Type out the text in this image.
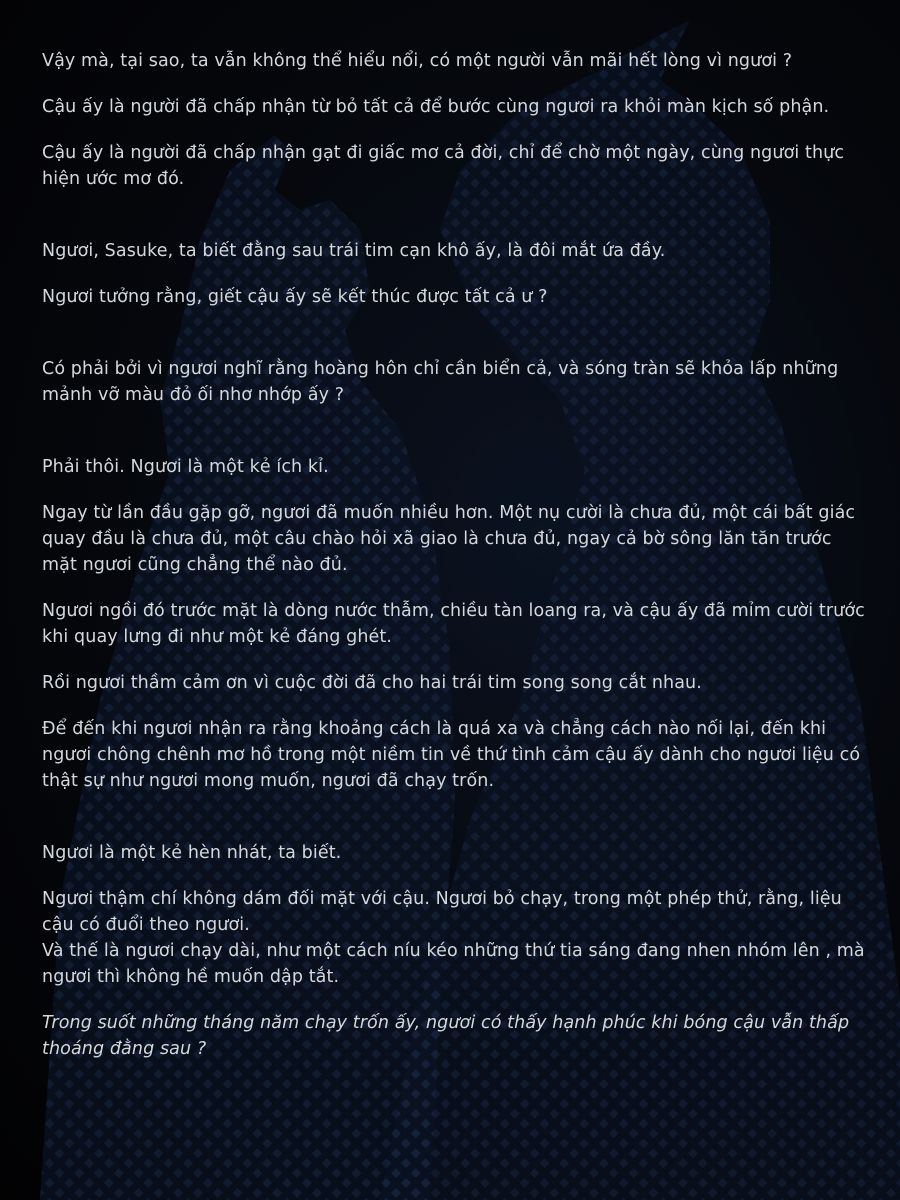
Vậy mà, tại sao, ta vẫn không thể hiểu nổi, có một người vẫn mãi hết lòng vì ngươi ?

Cậu ấy là người đã chấp nhận từ bỏ tất cả để bước cùng ngươi ra khỏi màn kịch số phận.

Cậu ấy là người đã chấp nhận gạt đi giấc mơ cả đời, chỉ để chờ một ngày, cùng ngươi thực hiện ước mơ đó.

Ngươi, Sasuke, ta biết đằng sau trái tim cạn khô ấy, là đôi mắt ứa đầy.

Ngươi tưởng rằng, giết cậu ấy sẽ kết thúc được tất cả ư ?

Có phải bởi vì ngươi nghĩ rằng hoàng hôn chỉ cần biển cả, và sóng tràn sẽ khỏa lấp những mảnh vỡ màu đỏ ối nhơ nhớp ấy ?

Phải thôi. Ngươi là một kẻ ích kỉ.

Ngay từ lần đầu gặp gỡ, ngươi đã muốn nhiều hơn. Một nụ cười là chưa đủ, một cái bất giác quay đầu là chưa đủ, một câu chào hỏi xã giao là chưa đủ, ngay cả bờ sông lăn tăn trước mặt ngươi cũng chẳng thể nào đủ.

Ngươi ngồi đó trước mặt là dòng nước thẫm, chiều tàn loang ra, và cậu ấy đã mỉm cười trước khi quay lưng đi như một kẻ đáng ghét.

Rồi ngươi thầm cảm ơn vì cuộc đời đã cho hai trái tim song song cắt nhau.

Để đến khi ngươi nhận ra rằng khoảng cách là quá xa và chẳng cách nào nối lại, đến khi ngươi chông chênh mơ hồ trong một niềm tin về thứ tình cảm cậu ấy dành cho ngươi liệu có thật sự như ngươi mong muốn, ngươi đã chạy trốn.

Ngươi là một kẻ hèn nhát, ta biết.

Ngươi thậm chí không dám đối mặt với cậu. Ngươi bỏ chạy, trong một phép thử, rằng, liệu cậu có đuổi theo ngươi.

Và thế là ngươi chạy dài, như một cách níu kéo những thứ tia sáng đang nhen nhóm lên , mà ngươi thì không hề muốn dập tắt.

Trong suốt những tháng năm chạy trốn ấy, ngươi có thấy hạnh phúc khi bóng cậu vẫn thấp thoáng đằng sau ?
